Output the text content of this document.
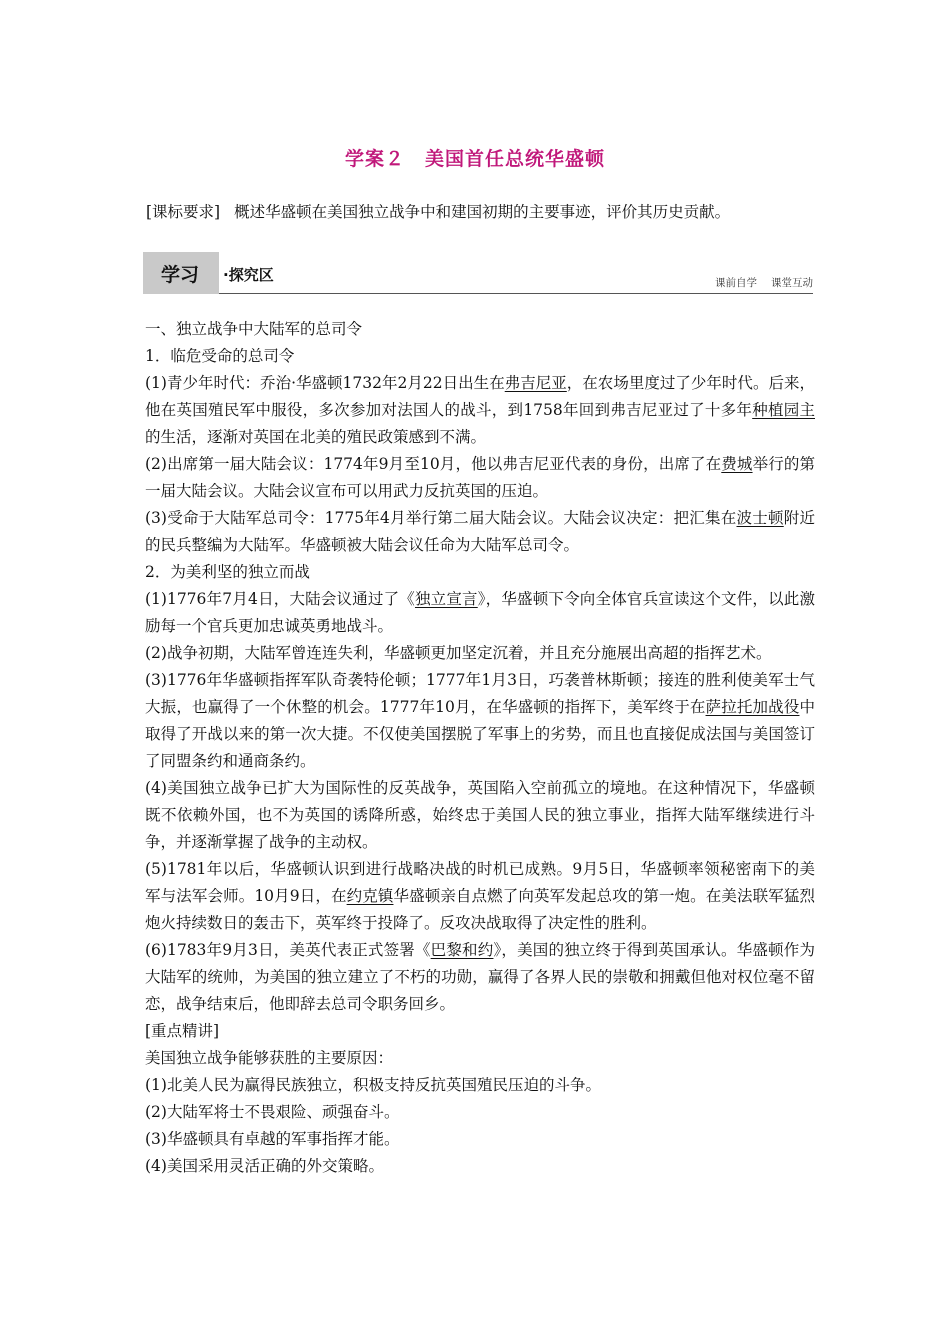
学案２　美国首任总统华盛顿
[课标要求] 概述华盛顿在美国独立战争中和建国初期的主要事迹，评价其历史贡献。
学习 ·探究区	课前自学 课堂互动

一、独立战争中大陆军的总司令

1．临危受命的总司令

(1)青少年时代：乔治·华盛顿1732年2月22日出生在弗吉尼亚，在农场里度过了少年时代。后来，他在英国殖民军中服役，多次参加对法国人的战斗，到1758年回到弗吉尼亚过了十多年种植园主的生活，逐渐对英国在北美的殖民政策感到不满。

(2)出席第一届大陆会议：1774年9月至10月，他以弗吉尼亚代表的身份，出席了在费城举行的第一届大陆会议。大陆会议宣布可以用武力反抗英国的压迫。

(3)受命于大陆军总司令：1775年4月举行第二届大陆会议。大陆会议决定：把汇集在波士顿附近的民兵整编为大陆军。华盛顿被大陆会议任命为大陆军总司令。

2．为美利坚的独立而战

(1)1776年7月4日，大陆会议通过了《独立宣言》，华盛顿下令向全体官兵宣读这个文件，以此激励每一个官兵更加忠诚英勇地战斗。

(2)战争初期，大陆军曾连连失利，华盛顿更加坚定沉着，并且充分施展出高超的指挥艺术。

(3)1776年华盛顿指挥军队奇袭特伦顿；1777年1月3日，巧袭普林斯顿；接连的胜利使美军士气大振，也赢得了一个休整的机会。1777年10月，在华盛顿的指挥下，美军终于在萨拉托加战役中取得了开战以来的第一次大捷。不仅使美国摆脱了军事上的劣势，而且也直接促成法国与美国签订了同盟条约和通商条约。

(4)美国独立战争已扩大为国际性的反英战争，英国陷入空前孤立的境地。在这种情况下，华盛顿既不依赖外国，也不为英国的诱降所惑，始终忠于美国人民的独立事业，指挥大陆军继续进行斗争，并逐渐掌握了战争的主动权。

(5)1781年以后，华盛顿认识到进行战略决战的时机已成熟。9月5日，华盛顿率领秘密南下的美军与法军会师。10月9日，在约克镇华盛顿亲自点燃了向英军发起总攻的第一炮。在美法联军猛烈炮火持续数日的轰击下，英军终于投降了。反攻决战取得了决定性的胜利。

(6)1783年9月3日，美英代表正式签署《巴黎和约》，美国的独立终于得到英国承认。华盛顿作为大陆军的统帅，为美国的独立建立了不朽的功勋，赢得了各界人民的崇敬和拥戴但他对权位毫不留恋，战争结束后，他即辞去总司令职务回乡。

[重点精讲]

美国独立战争能够获胜的主要原因：

(1)北美人民为赢得民族独立，积极支持反抗英国殖民压迫的斗争。

(2)大陆军将士不畏艰险、顽强奋斗。

(3)华盛顿具有卓越的军事指挥才能。

(4)美国采用灵活正确的外交策略。
